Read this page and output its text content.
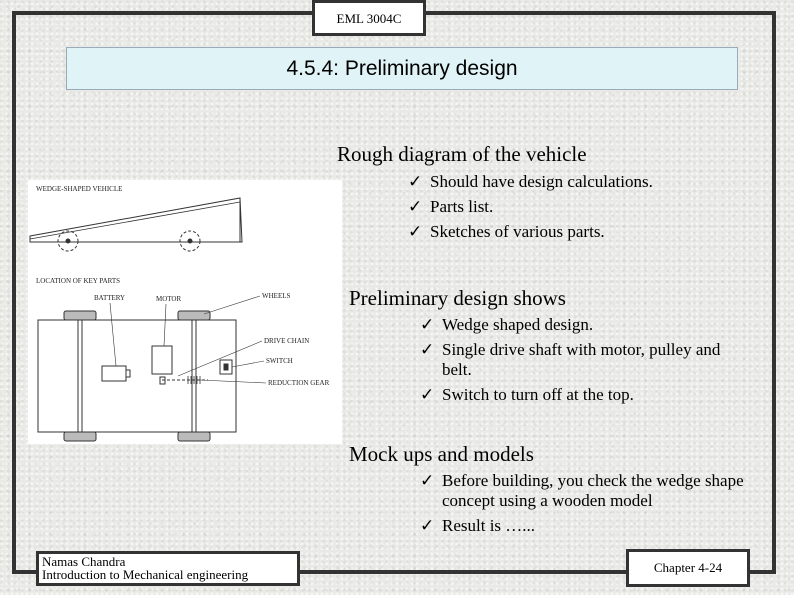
EML 3004C
4.5.4: Preliminary design
Rough diagram of the vehicle
✓ Should have design calculations.
✓ Parts list.
✓ Sketches of various parts.
Preliminary design shows
✓ Wedge shaped design.
✓ Single drive shaft with motor, pulley and belt.
✓ Switch to turn off at the top.
Mock ups and models
✓ Before building, you check the wedge shape concept using a wooden model
✓ Result is …...
WEDGE-SHAPED VEHICLE
LOCATION OF KEY PARTS
BATTERY	MOTOR	WHEELS
DRIVE CHAIN
SWITCH
REDUCTION GEAR
Namas Chandra
Introduction to Mechanical engineering	Chapter 4-24
